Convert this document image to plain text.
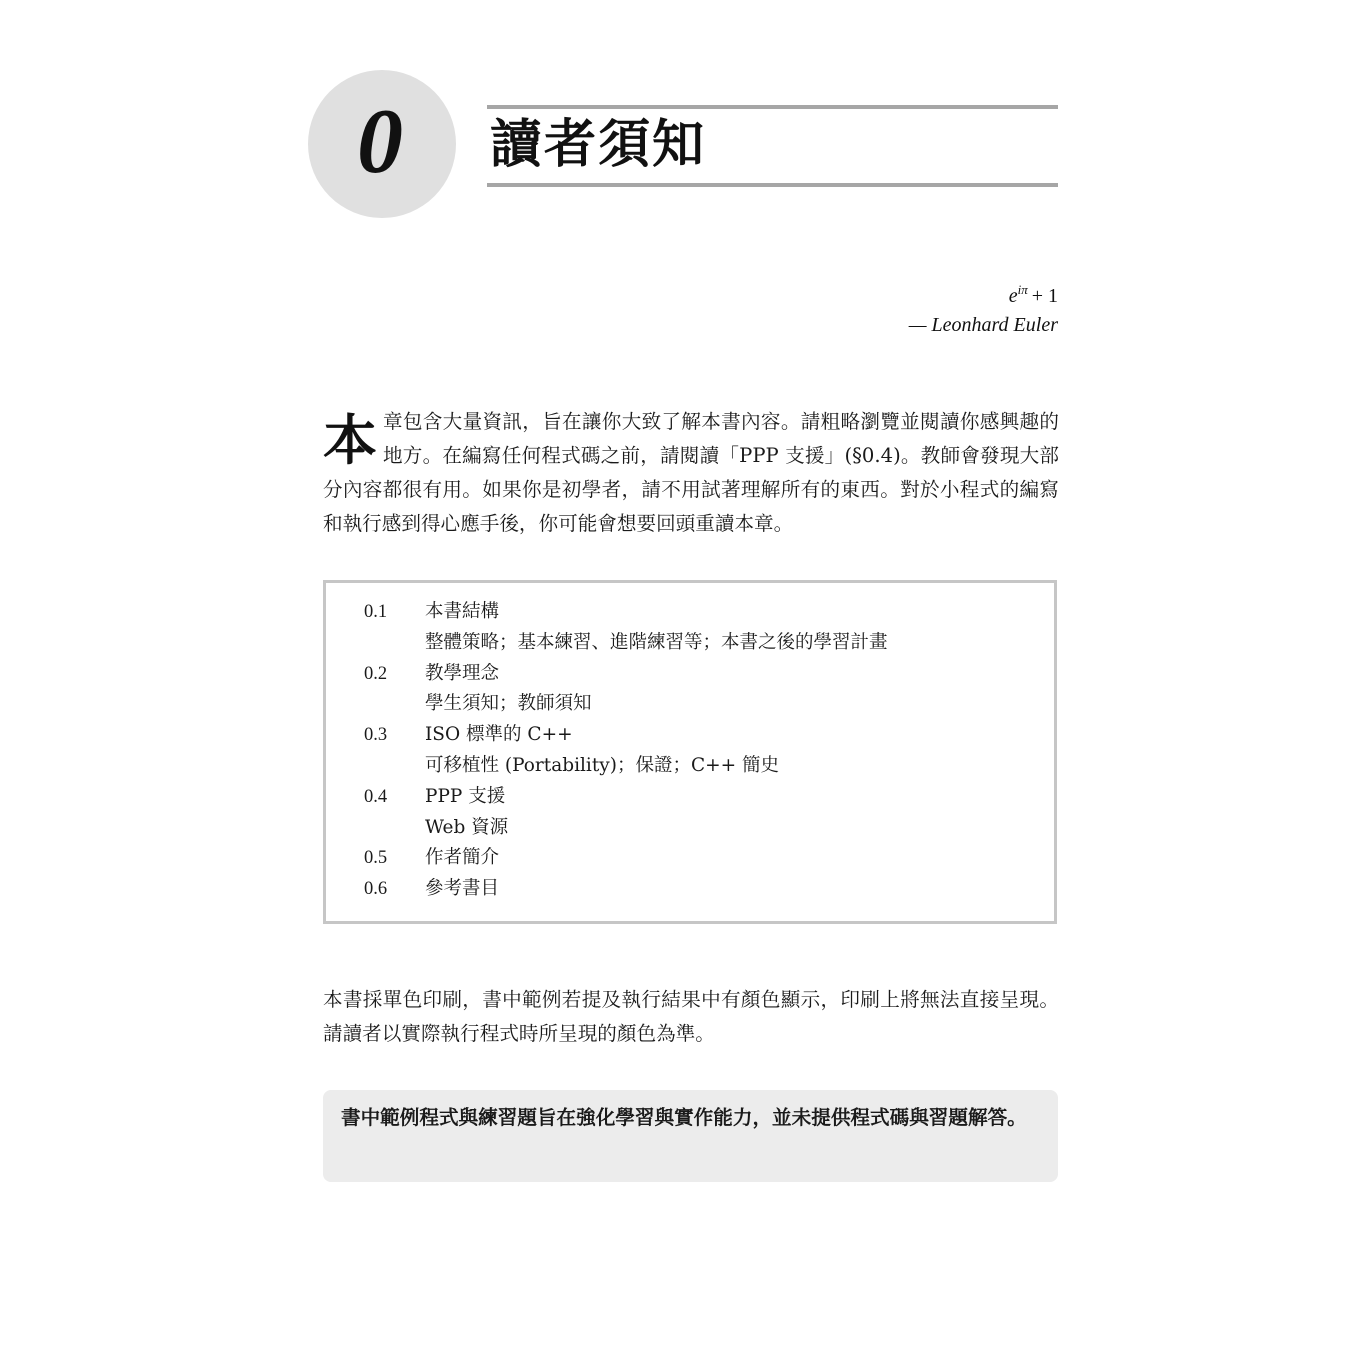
0 讀者須知
$e^{i\pi} + 1$
— Leonhard Euler
本章包含大量資訊，旨在讓你大致了解本書內容。請粗略瀏覽並閱讀你感興趣的地方。在編寫任何程式碼之前，請閱讀「PPP 支援」(§0.4)。教師會發現大部分內容都很有用。如果你是初學者，請不用試著理解所有的東西。對於小程式的編寫和執行感到得心應手後，你可能會想要回頭重讀本章。
0.1	本書結構
整體策略；基本練習、進階練習等；本書之後的學習計畫
0.2	教學理念
學生須知；教師須知
0.3	ISO 標準的 C++
可移植性 (Portability)；保證；C++ 簡史
0.4	PPP 支援
Web 資源
0.5	作者簡介
0.6	參考書目
本書採單色印刷，書中範例若提及執行結果中有顏色顯示，印刷上將無法直接呈現。請讀者以實際執行程式時所呈現的顏色為準。
書中範例程式與練習題旨在強化學習與實作能力，並未提供程式碼與習題解答。
